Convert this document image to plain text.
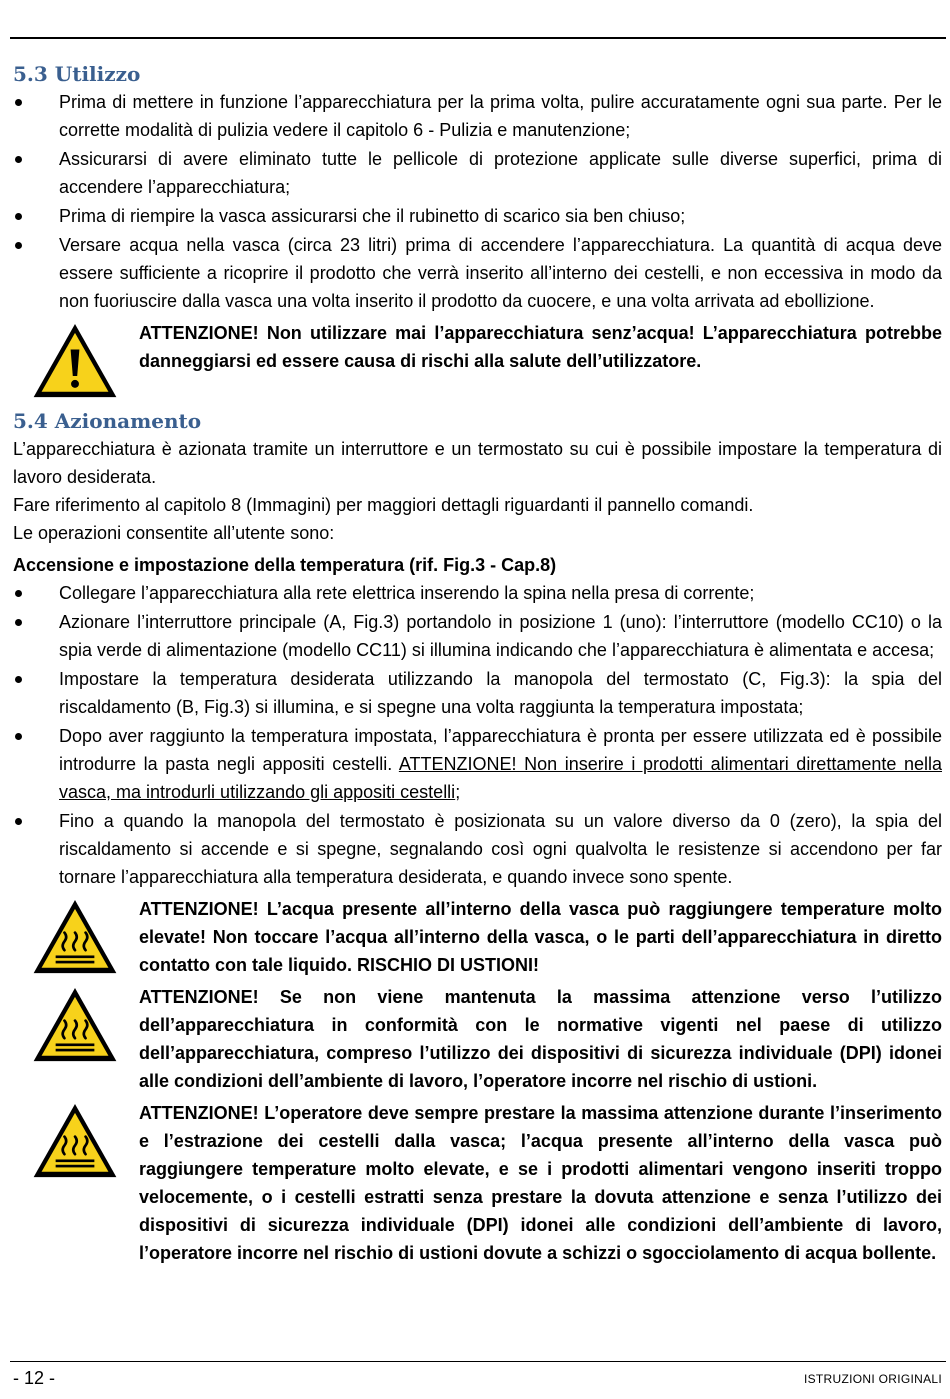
5.3 Utilizzo
Prima di mettere in funzione l’apparecchiatura per la prima volta, pulire accuratamente ogni sua parte. Per le corrette modalità di pulizia vedere il capitolo 6 - Pulizia e manutenzione;
Assicurarsi di avere eliminato tutte le pellicole di protezione applicate sulle diverse superfici, prima di accendere l’apparecchiatura;
Prima di riempire la vasca assicurarsi che il rubinetto di scarico sia ben chiuso;
Versare acqua nella vasca (circa 23 litri) prima di accendere l’apparecchiatura. La quantità di acqua deve essere sufficiente a ricoprire il prodotto che verrà inserito all’interno dei cestelli, e non eccessiva in modo da non fuoriuscire dalla vasca una volta inserito il prodotto da cuocere, e una volta arrivata ad ebollizione.
ATTENZIONE! Non utilizzare mai l’apparecchiatura senz’acqua! L’apparecchiatura potrebbe danneggiarsi ed essere causa di rischi alla salute dell’utilizzatore.
5.4 Azionamento

L’apparecchiatura è azionata tramite un interruttore e un termostato su cui è possibile impostare la temperatura di lavoro desiderata.

Fare riferimento al capitolo 8 (Immagini) per maggiori dettagli riguardanti il pannello comandi.

Le operazioni consentite all’utente sono:

Accensione e impostazione della temperatura (rif. Fig.3 - Cap.8)
Collegare l’apparecchiatura alla rete elettrica inserendo la spina nella presa di corrente;
Azionare l’interruttore principale (A, Fig.3) portandolo in posizione 1 (uno): l’interruttore (modello CC10) o la spia verde di alimentazione (modello CC11) si illumina indicando che l’apparecchiatura è alimentata e accesa;
Impostare la temperatura desiderata utilizzando la manopola del termostato (C, Fig.3): la spia del riscaldamento (B, Fig.3) si illumina, e si spegne una volta raggiunta la temperatura impostata;
Dopo aver raggiunto la temperatura impostata, l’apparecchiatura è pronta per essere utilizzata ed è possibile introdurre la pasta negli appositi cestelli. ATTENZIONE! Non inserire i prodotti alimentari direttamente nella vasca, ma introdurli utilizzando gli appositi cestelli;
Fino a quando la manopola del termostato è posizionata su un valore diverso da 0 (zero), la spia del riscaldamento si accende e si spegne, segnalando così ogni qualvolta le resistenze si accendono per far tornare l’apparecchiatura alla temperatura desiderata, e quando invece sono spente.
ATTENZIONE! L’acqua presente all’interno della vasca può raggiungere temperature molto elevate! Non toccare l’acqua all’interno della vasca, o le parti dell’apparecchiatura in diretto contatto con tale liquido. RISCHIO DI USTIONI!
ATTENZIONE! Se non viene mantenuta la massima attenzione verso l’utilizzo dell’apparecchiatura in conformità con le normative vigenti nel paese di utilizzo dell’apparecchiatura, compreso l’utilizzo dei dispositivi di sicurezza individuale (DPI) idonei alle condizioni dell’ambiente di lavoro, l’operatore incorre nel rischio di ustioni.
ATTENZIONE! L’operatore deve sempre prestare la massima attenzione durante l’inserimento e l’estrazione dei cestelli dalla vasca; l’acqua presente all’interno della vasca può raggiungere temperature molto elevate, e se i prodotti alimentari vengono inseriti troppo velocemente, o i cestelli estratti senza prestare la dovuta attenzione e senza l’utilizzo dei dispositivi di sicurezza individuale (DPI) idonei alle condizioni dell’ambiente di lavoro, l’operatore incorre nel rischio di ustioni dovute a schizzi o sgocciolamento di acqua bollente.
- 12 -	ISTRUZIONI ORIGINALI
